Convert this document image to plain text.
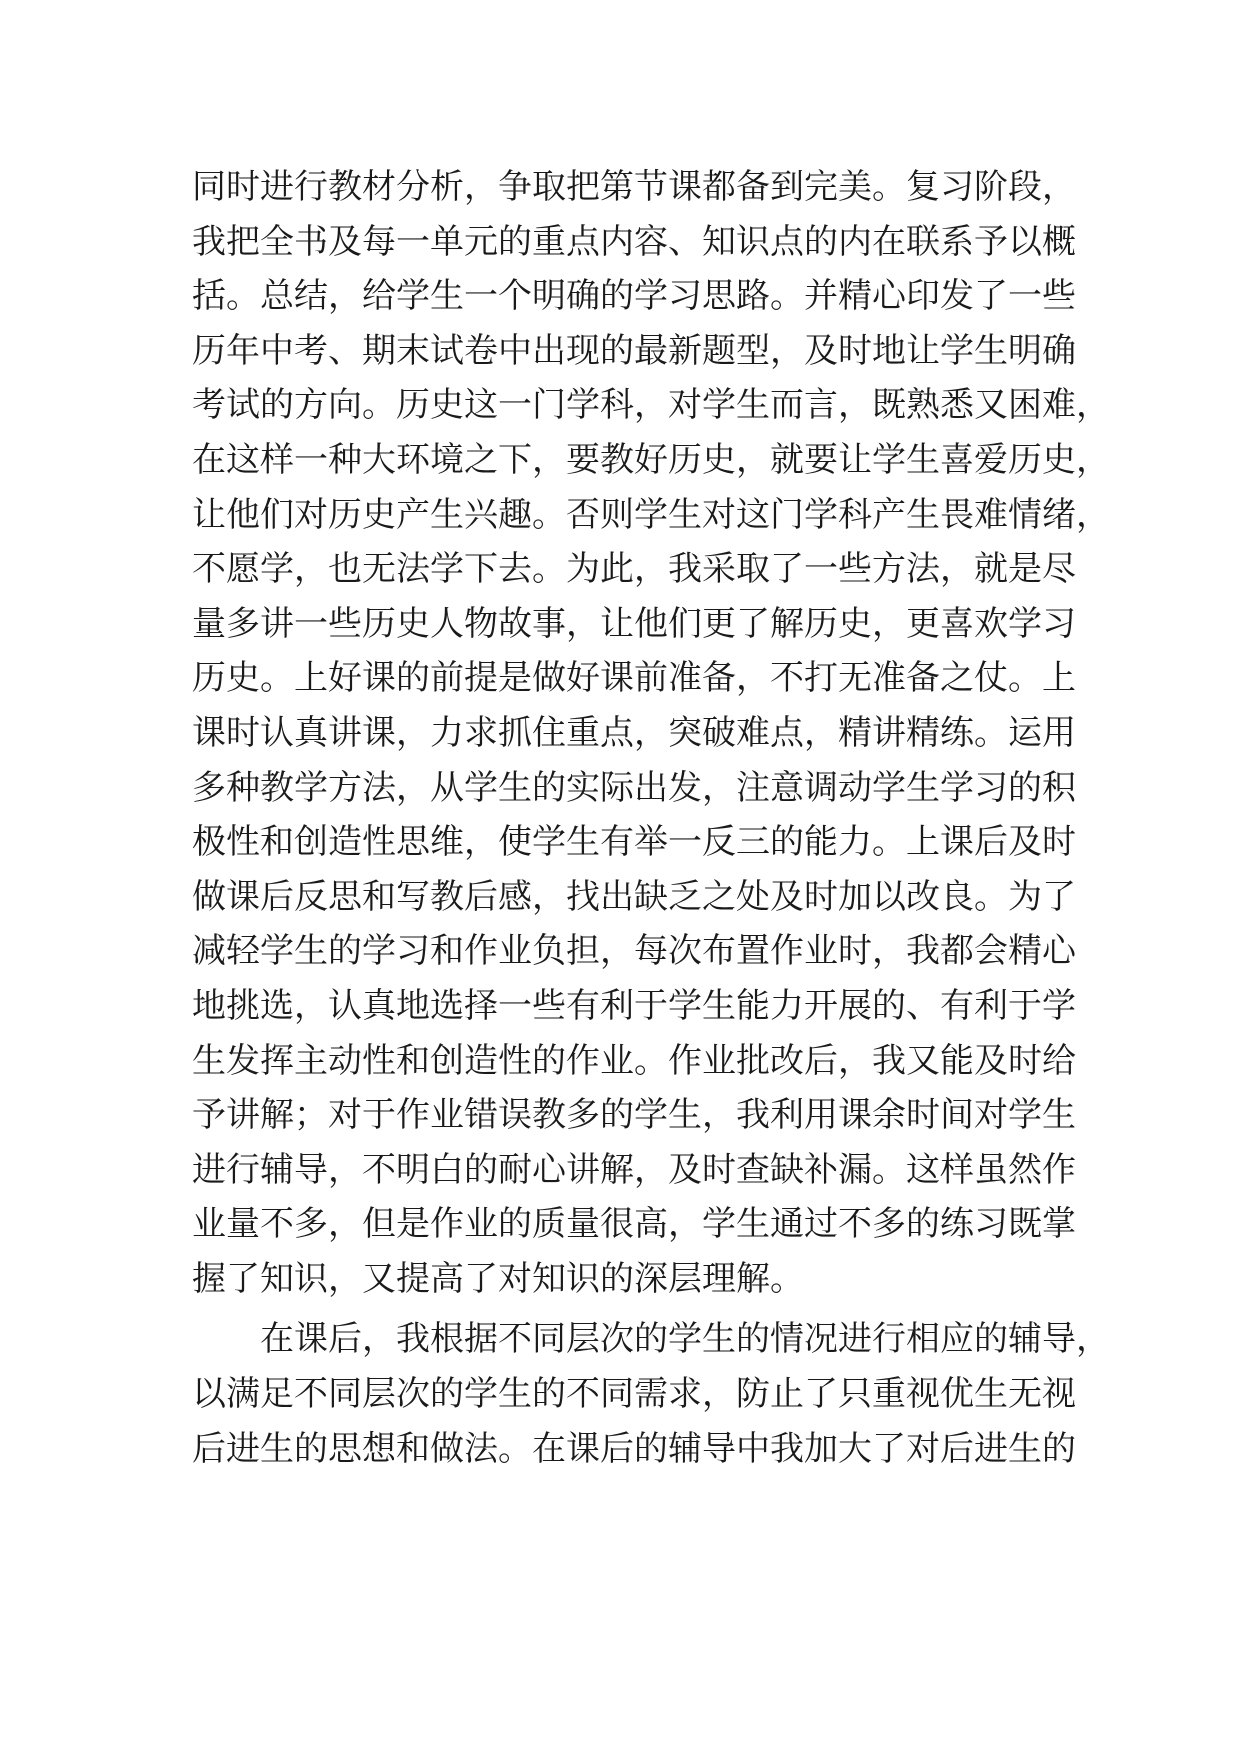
同时进行教材分析，争取把第节课都备到完美。复习阶段，
我把全书及每一单元的重点内容、知识点的内在联系予以概
括。总结，给学生一个明确的学习思路。并精心印发了一些
历年中考、期末试卷中出现的最新题型，及时地让学生明确
考试的方向。历史这一门学科，对学生而言，既熟悉又困难，
在这样一种大环境之下，要教好历史，就要让学生喜爱历史，
让他们对历史产生兴趣。否则学生对这门学科产生畏难情绪，
不愿学，也无法学下去。为此，我采取了一些方法，就是尽
量多讲一些历史人物故事，让他们更了解历史，更喜欢学习
历史。上好课的前提是做好课前准备，不打无准备之仗。上
课时认真讲课，力求抓住重点，突破难点，精讲精练。运用
多种教学方法，从学生的实际出发，注意调动学生学习的积
极性和创造性思维，使学生有举一反三的能力。上课后及时
做课后反思和写教后感，找出缺乏之处及时加以改良。为了
减轻学生的学习和作业负担，每次布置作业时，我都会精心
地挑选，认真地选择一些有利于学生能力开展的、有利于学
生发挥主动性和创造性的作业。作业批改后，我又能及时给
予讲解；对于作业错误教多的学生，我利用课余时间对学生
进行辅导，不明白的耐心讲解，及时查缺补漏。这样虽然作
业量不多，但是作业的质量很高，学生通过不多的练习既掌
握了知识，又提高了对知识的深层理解。
在课后，我根据不同层次的学生的情况进行相应的辅导，
以满足不同层次的学生的不同需求，防止了只重视优生无视
后进生的思想和做法。在课后的辅导中我加大了对后进生的
